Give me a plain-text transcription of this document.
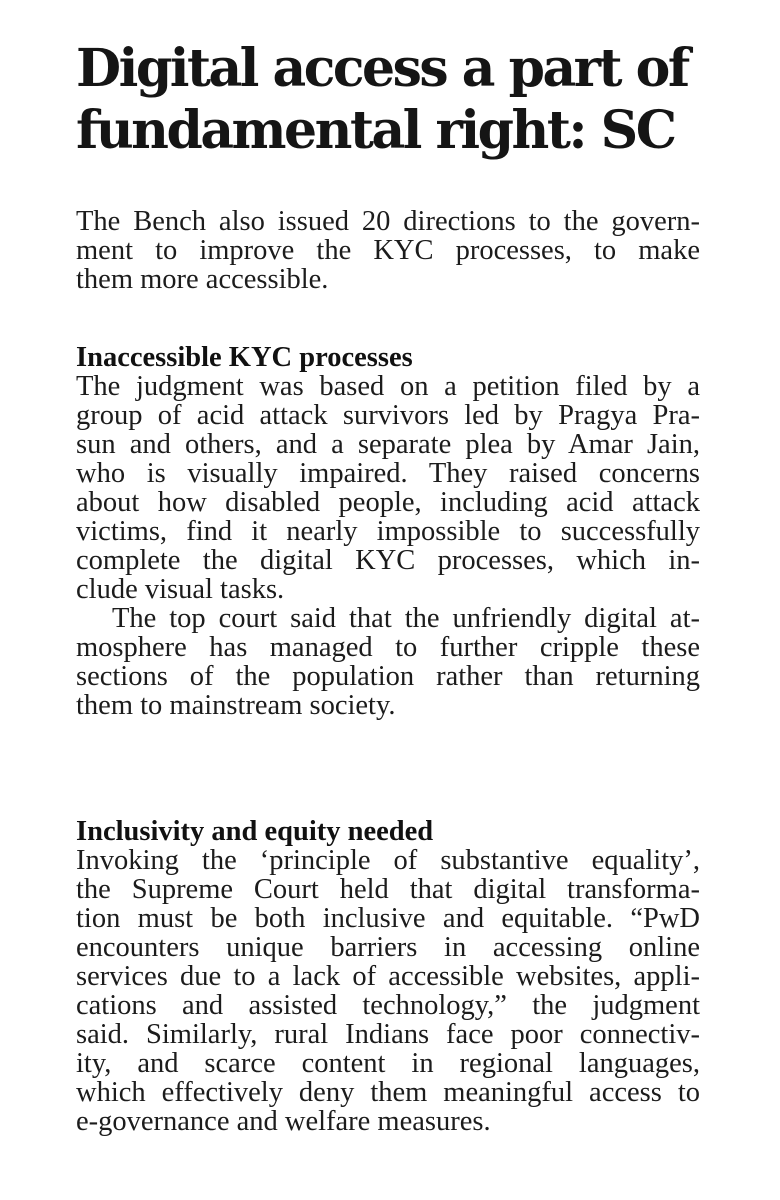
Digital access a part of
fundamental right: SC
The Bench also issued 20 directions to the govern-
ment to improve the KYC processes, to make
them more accessible.
Inaccessible KYC processes
The judgment was based on a petition filed by a
group of acid attack survivors led by Pragya Pra-
sun and others, and a separate plea by Amar Jain,
who is visually impaired. They raised concerns
about how disabled people, including acid attack
victims, find it nearly impossible to successfully
complete the digital KYC processes, which in-
clude visual tasks.
The top court said that the unfriendly digital at-
mosphere has managed to further cripple these
sections of the population rather than returning
them to mainstream society.
Inclusivity and equity needed
Invoking the ‘principle of substantive equality’,
the Supreme Court held that digital transforma-
tion must be both inclusive and equitable. “PwD
encounters unique barriers in accessing online
services due to a lack of accessible websites, appli-
cations and assisted technology,” the judgment
said. Similarly, rural Indians face poor connectiv-
ity, and scarce content in regional languages,
which effectively deny them meaningful access to
e-governance and welfare measures.
